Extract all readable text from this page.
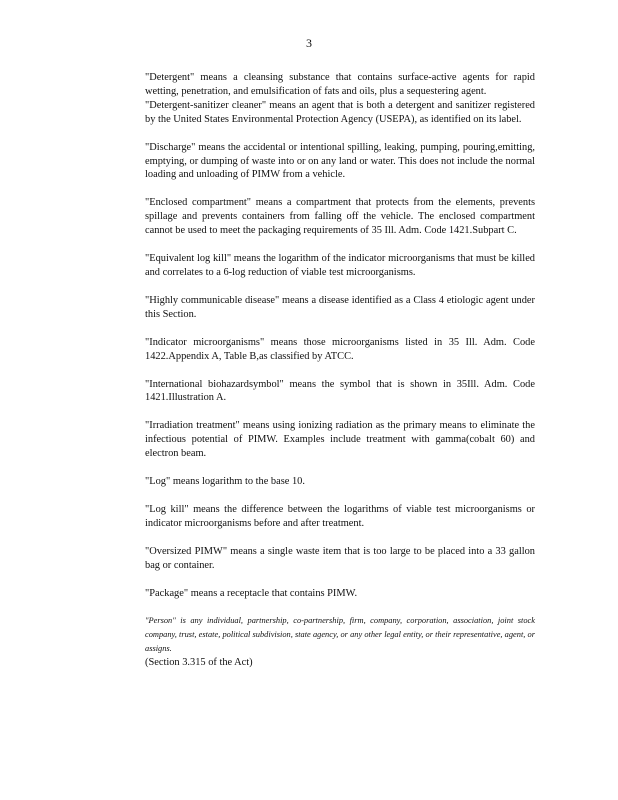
3

"Detergent" means a cleansing substance that contains surface-active agents for rapid wetting, penetration, and emulsification of fats and oils, plus a sequestering agent.

"Detergent-sanitizer cleaner" means an agent that is both a detergent and sanitizer registered by the United States Environmental Protection Agency (USEPA), as identified on its label.

"Discharge" means the accidental or intentional spilling, leaking, pumping, pouring,emitting, emptying, or dumping of waste into or on any land or water. This does not include the normal loading and unloading of PIMW from a vehicle.

"Enclosed compartment" means a compartment that protects from the elements, prevents spillage and prevents containers from falling off the vehicle. The enclosed compartment cannot be used to meet the packaging requirements of 35 Ill. Adm. Code 1421.Subpart C.

"Equivalent log kill" means the logarithm of the indicator microorganisms that must be killed and correlates to a 6-log reduction of viable test microorganisms.

"Highly communicable disease" means a disease identified as a Class 4 etiologic agent under this Section.

"Indicator microorganisms" means those microorganisms listed in 35 Ill. Adm. Code 1422.Appendix A, Table B,as classified by ATCC.

"International biohazardsymbol" means the symbol that is shown in 35Ill. Adm. Code 1421.Illustration A.

"Irradiation treatment" means using ionizing radiation as the primary means to eliminate the infectious potential of PIMW. Examples include treatment with gamma(cobalt 60) and electron beam.

"Log" means logarithm to the base 10.

"Log kill" means the difference between the logarithms of viable test microorganisms or indicator microorganisms before and after treatment.

"Oversized PIMW" means a single waste item that is too large to be placed into a 33 gallon bag or container.

"Package" means a receptacle that contains PIMW.

"Person" is any individual, partnership, co-partnership, firm, company, corporation, association, joint stock company, trust, estate, political subdivision, state agency, or any other legal entity, or their representative, agent, or assigns.
(Section 3.315 of the Act)
